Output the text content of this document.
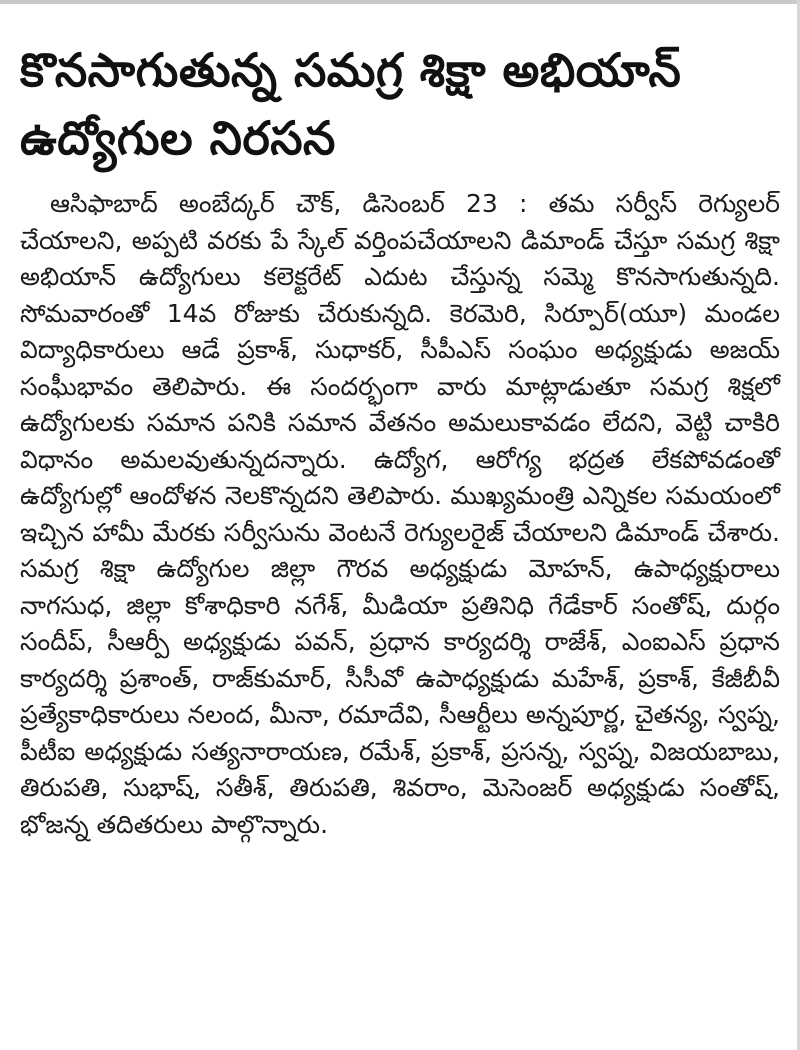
కొనసాగుతున్న సమగ్ర శిక్షా అభియాన్
ఉద్యోగుల నిరసన

ఆసిఫాబాద్ అంబేద్కర్ చౌక్, డిసెంబర్ 23 : తమ సర్వీస్ రెగ్యులర్ చేయాలని, అప్పటి వరకు పే స్కేల్ వర్తింపచేయాలని డిమాండ్ చేస్తూ సమగ్ర శిక్షా అభియాన్ ఉద్యోగులు కలెక్టరేట్ ఎదుట చేస్తున్న సమ్మె కొనసాగుతున్నది. సోమవారంతో 14వ రోజుకు చేరుకున్నది. కెరమెరి, సిర్పూర్(యూ) మండల విద్యాధికారులు ఆడే ప్రకాశ్, సుధాకర్, సీపీఎస్ సంఘం అధ్యక్షుడు అజయ్ సంఘీభావం తెలిపారు. ఈ సందర్భంగా వారు మాట్లాడుతూ సమగ్ర శిక్షలో ఉద్యోగులకు సమాన పనికి సమాన వేతనం అమలుకావడం లేదని, వెట్టి చాకిరి విధానం అమలవుతున్నదన్నారు. ఉద్యోగ, ఆరోగ్య భద్రత లేకపోవడంతో ఉద్యోగుల్లో ఆందోళన నెలకొన్నదని తెలిపారు. ముఖ్యమంత్రి ఎన్నికల సమయంలో ఇచ్చిన హామీ మేరకు సర్వీసును వెంటనే రెగ్యులరైజ్ చేయాలని డిమాండ్ చేశారు. సమగ్ర శిక్షా ఉద్యోగుల జిల్లా గౌరవ అధ్యక్షుడు మోహన్, ఉపాధ్యక్షురాలు నాగసుధ, జిల్లా కోశాధికారి నగేశ్, మీడియా ప్రతినిధి గేడేకార్ సంతోష్, దుర్గం సందీప్, సీఆర్పీ అధ్యక్షుడు పవన్, ప్రధాన కార్యదర్శి రాజేశ్, ఎంఐఎస్ ప్రధాన కార్యదర్శి ప్రశాంత్, రాజ్‌కుమార్, సీసీవో ఉపాధ్యక్షుడు మహేశ్, ప్రకాశ్, కేజీబీవీ ప్రత్యేకాధికారులు నలంద, మీనా, రమాదేవి, సీఆర్టీలు అన్నపూర్ణ, చైతన్య, స్వప్న, పీటీఐ అధ్యక్షుడు సత్యనారాయణ, రమేశ్, ప్రకాశ్, ప్రసన్న, స్వప్న, విజయబాబు, తిరుపతి, సుభాష్, సతీశ్, తిరుపతి, శివరాం, మెసెంజర్ అధ్యక్షుడు సంతోష్, భోజన్న తదితరులు పాల్గొన్నారు.
